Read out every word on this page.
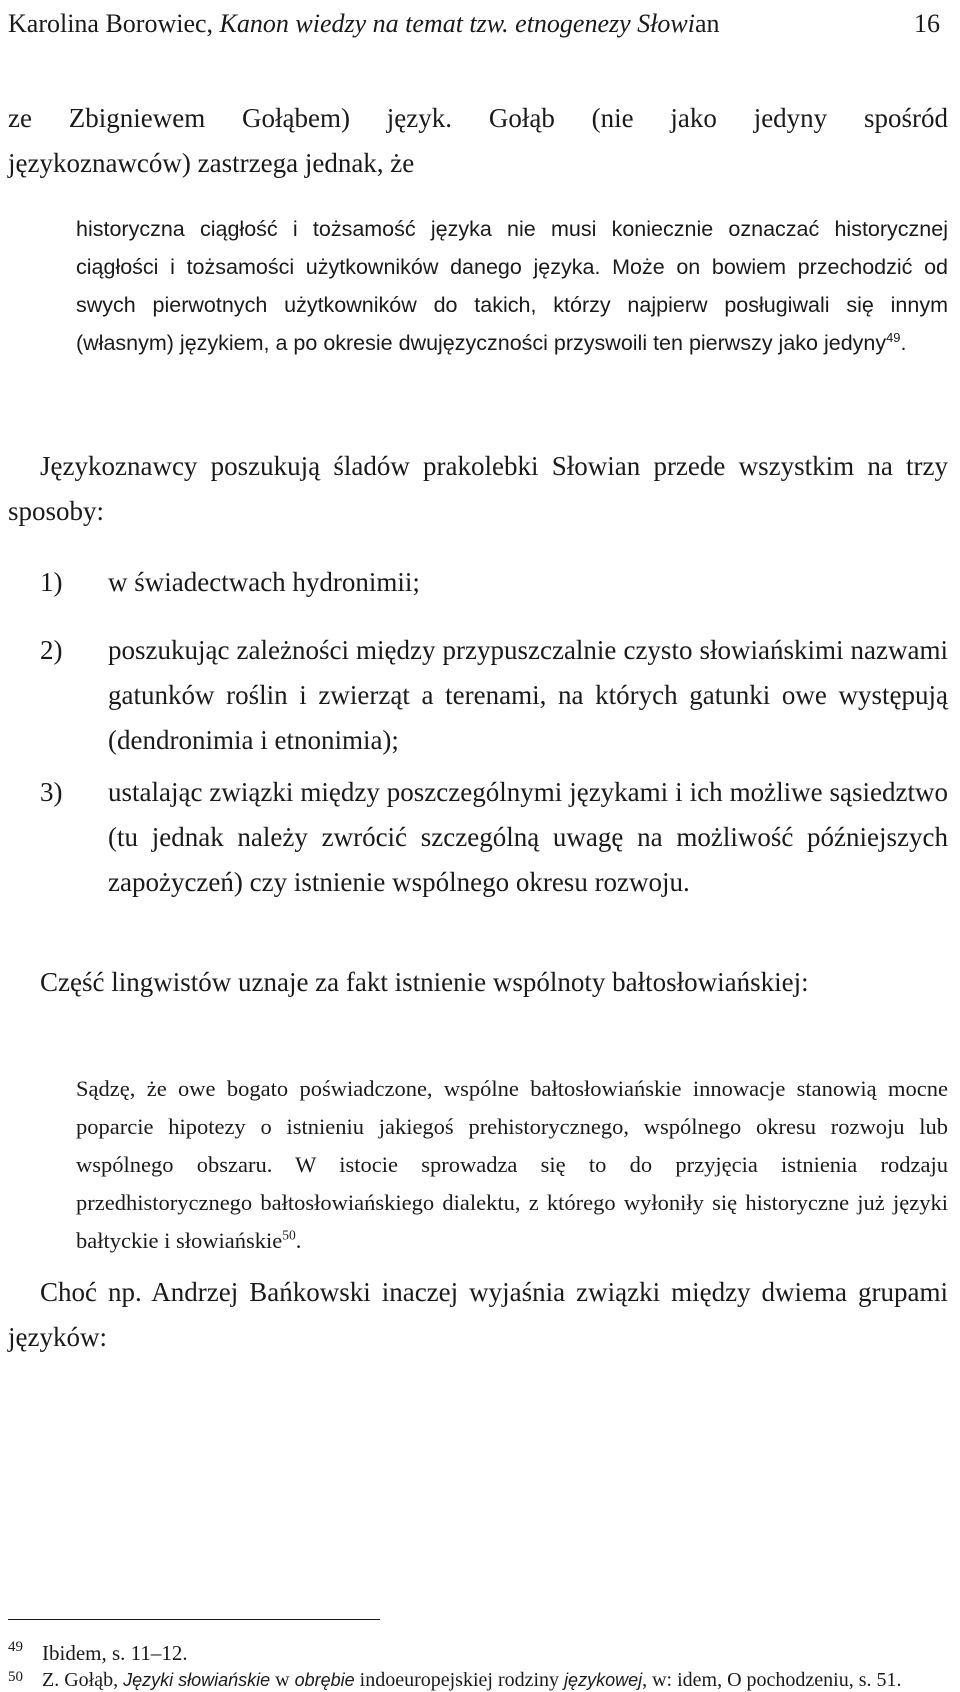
Karolina Borowiec, Kanon wiedzy na temat tzw. etnogenezy Słowian	16
ze Zbigniewem Gołąbem) język. Gołąb (nie jako jedyny spośród
językoznawców) zastrzega jednak, że
historyczna ciągłość i tożsamość języka nie musi koniecznie oznaczać historycznej ciągłości i tożsamości użytkowników danego języka. Może on bowiem przechodzić od swych pierwotnych użytkowników do takich, którzy najpierw posługiwali się innym (własnym) językiem, a po okresie dwujęzyczności przyswoili ten pierwszy jako jedyny$^{49}$.
Językoznawcy poszukują śladów prakolebki Słowian przede wszystkim na trzy sposoby:
1) w świadectwach hydronimii;
2) poszukując zależności między przypuszczalnie czysto słowiańskimi nazwami gatunków roślin i zwierząt a terenami, na których gatunki owe występują (dendronimia i etnonimia);
3) ustalając związki między poszczególnymi językami i ich możliwe sąsiedztwo (tu jednak należy zwrócić szczególną uwagę na możliwość późniejszych zapożyczeń) czy istnienie wspólnego okresu rozwoju.
Część lingwistów uznaje za fakt istnienie wspólnoty bałtosłowiańskiej:
Sądzę, że owe bogato poświadczone, wspólne bałtosłowiańskie innowacje stanowią mocne poparcie hipotezy o istnieniu jakiegoś prehistorycznego, wspólnego okresu rozwoju lub wspólnego obszaru. W istocie sprowadza się to do przyjęcia istnienia rodzaju przedhistorycznego bałtosłowiańskiego dialektu, z którego wyłoniły się historyczne już języki bałtyckie i słowiańskie$^{50}$.
Choć np. Andrzej Bańkowski inaczej wyjaśnia związki między dwiema grupami języków:
49 Ibidem, s. 11–12.
50 Z. Gołąb, Języki słowiańskie w obrębie indoeuropejskiej rodziny językowej, w: idem, O pochodzeniu, s. 51.
